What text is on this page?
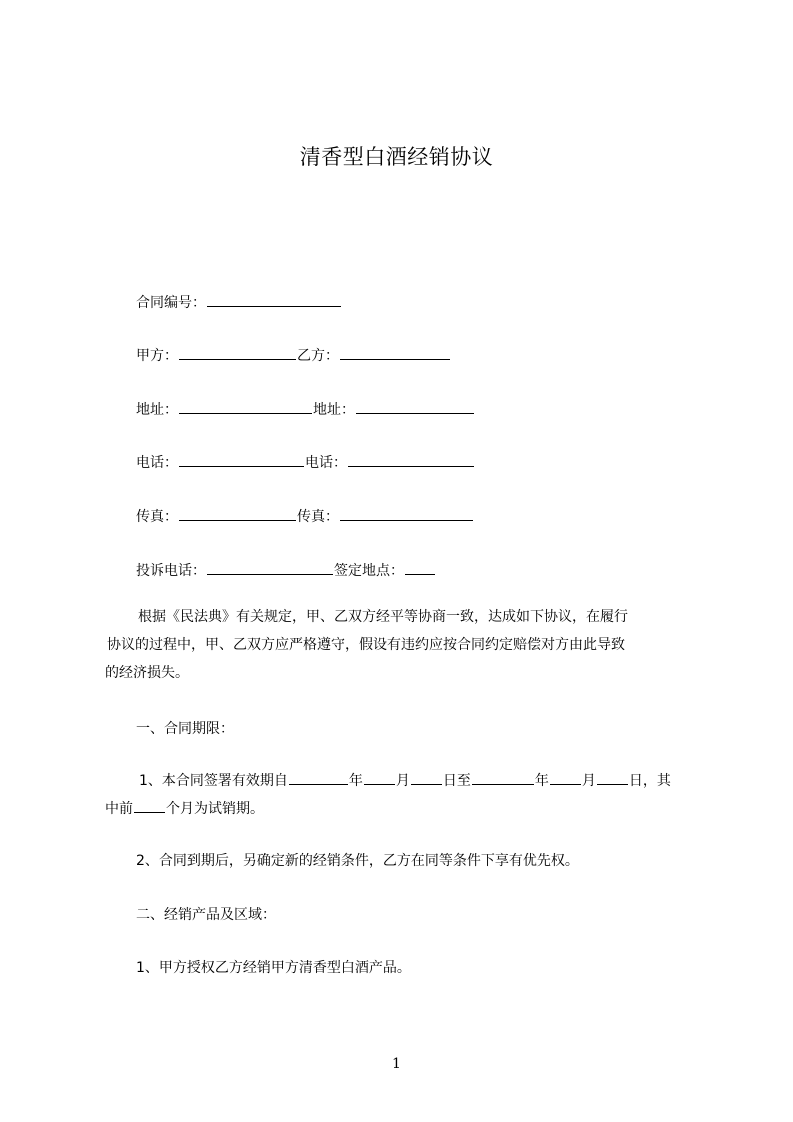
清香型白酒经销协议
合同编号：
甲方：	乙方：
地址：	地址：
电话：	电话：
传真：	传真：
投诉电话：	签定地点：
根据《民法典》有关规定，甲、乙双方经平等协商一致，达成如下协议，在履行
协议的过程中，甲、乙双方应严格遵守，假设有违约应按合同约定赔偿对方由此导致
的经济损失。
一、合同期限：
1、本合同签署有效期自	年 月 日至	年 月 日，其
中前 个月为试销期。
2、合同到期后，另确定新的经销条件，乙方在同等条件下享有优先权。
二、经销产品及区域：
1、甲方授权乙方经销甲方清香型白酒产品。
1
